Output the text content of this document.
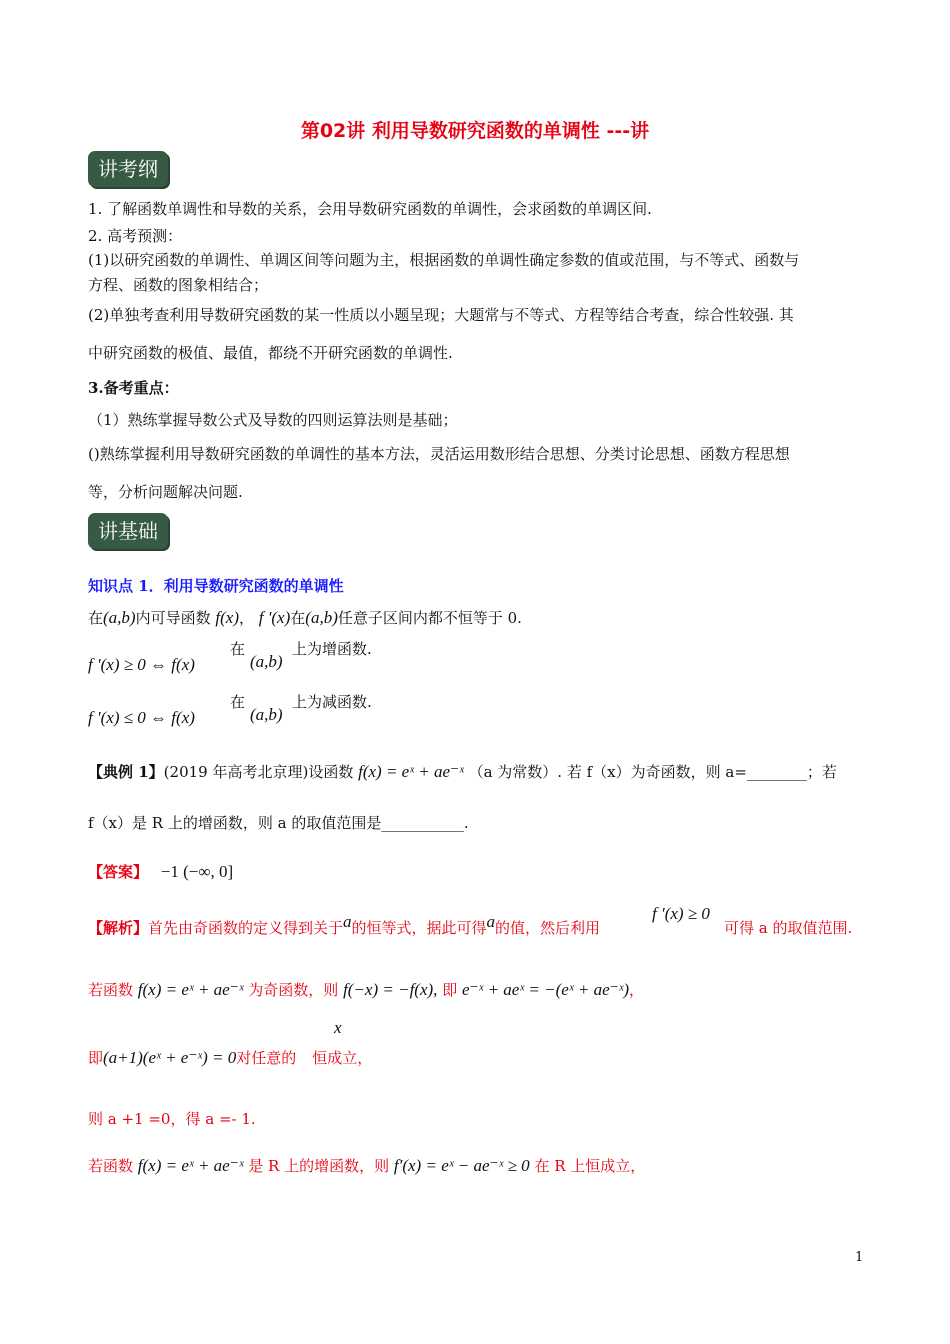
第02讲 利用导数研究函数的单调性 ---讲
讲考纲
1. 了解函数单调性和导数的关系，会用导数研究函数的单调性，会求函数的单调区间.
2. 高考预测：
(1)以研究函数的单调性、单调区间等问题为主，根据函数的单调性确定参数的值或范围，与不等式、函数与
方程、函数的图象相结合；
(2)单独考查利用导数研究函数的某一性质以小题呈现；大题常与不等式、方程等结合考查，综合性较强. 其
中研究函数的极值、最值，都绕不开研究函数的单调性.
3.备考重点：
（1）熟练掌握导数公式及导数的四则运算法则是基础；
()熟练掌握利用导数研究函数的单调性的基本方法，灵活运用数形结合思想、分类讨论思想、函数方程思想
等，分析问题解决问题.
讲基础
知识点 1．利用导数研究函数的单调性
在(a,b)内可导函数 f(x)， f '(x)在(a,b)任意子区间内都不恒等于 0.
f '(x) ≥ 0 ⇔ f(x)
在
(a,b)
上为增函数.
f '(x) ≤ 0 ⇔ f(x)
在
(a,b)
上为减函数.
【典例 1】(2019 年高考北京理)设函数 f(x) = eˣ + ae⁻ˣ （a 为常数）. 若 f（x）为奇函数，则 a=________；若
f（x）是 R 上的增函数，则 a 的取值范围是___________.
【答案】 −1 (−∞, 0]
【解析】首先由奇函数的定义得到关于a的恒等式，据此可得a的值，然后利用
f ′(x) ≥ 0
可得 a 的取值范围.
若函数 f(x) = eˣ + ae⁻ˣ 为奇函数，则 f(−x) = −f(x), 即 e⁻ˣ + aeˣ = −(eˣ + ae⁻ˣ)，
x
即(a+1)(eˣ + e⁻ˣ) = 0对任意的 恒成立，
则 a +1 =0，得 a =- 1.
若函数 f(x) = eˣ + ae⁻ˣ 是 R 上的增函数，则 f′(x) = eˣ − ae⁻ˣ ≥ 0 在 R 上恒成立，
1
